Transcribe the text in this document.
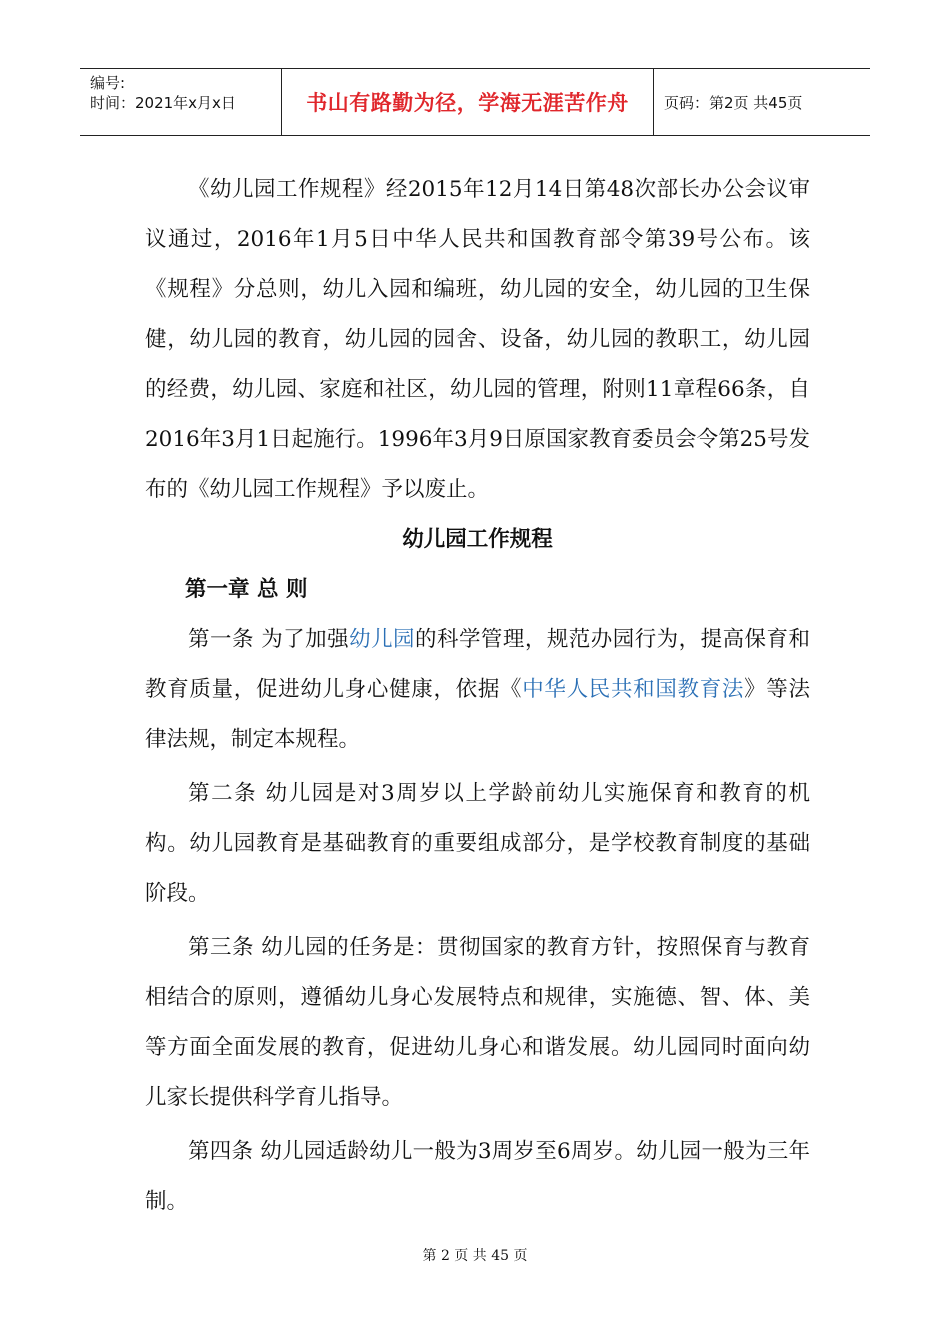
编号:
时间：2021年x月x日	书山有路勤为径，学海无涯苦作舟 页码：第2页 共45页

《幼儿园工作规程》经2015年12月14日第48次部长办公会议审议通过，2016年1月5日中华人民共和国教育部令第39号公布。该《规程》分总则，幼儿入园和编班，幼儿园的安全，幼儿园的卫生保健，幼儿园的教育，幼儿园的园舍、设备，幼儿园的教职工，幼儿园的经费，幼儿园、家庭和社区，幼儿园的管理，附则11章程66条，自2016年3月1日起施行。1996年3月9日原国家教育委员会令第25号发布的《幼儿园工作规程》予以废止。

幼儿园工作规程

第一章 总 则

第一条 为了加强幼儿园的科学管理，规范办园行为，提高保育和教育质量，促进幼儿身心健康，依据《中华人民共和国教育法》等法律法规，制定本规程。

第二条 幼儿园是对3周岁以上学龄前幼儿实施保育和教育的机构。幼儿园教育是基础教育的重要组成部分，是学校教育制度的基础阶段。

第三条 幼儿园的任务是：贯彻国家的教育方针，按照保育与教育相结合的原则，遵循幼儿身心发展特点和规律，实施德、智、体、美等方面全面发展的教育，促进幼儿身心和谐发展。幼儿园同时面向幼儿家长提供科学育儿指导。

第四条 幼儿园适龄幼儿一般为3周岁至6周岁。幼儿园一般为三年制。

第 2 页 共 45 页
